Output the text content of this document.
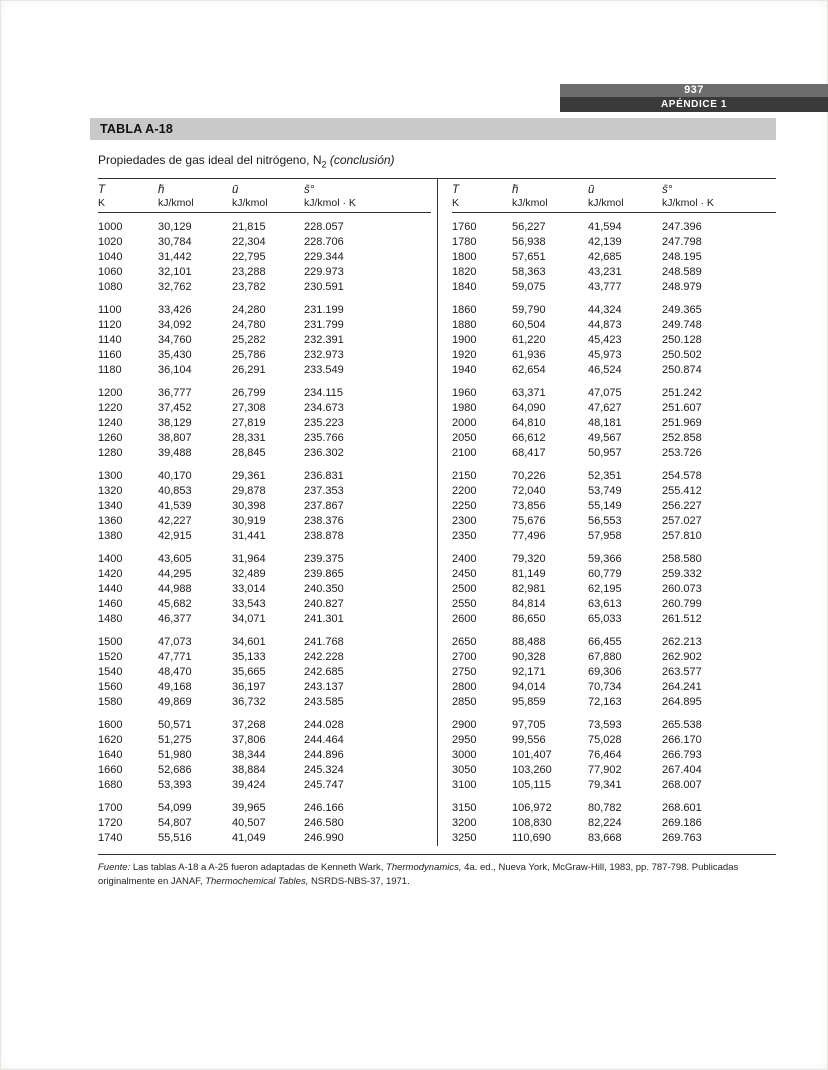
937
APÉNDICE 1
TABLA A-18
Propiedades de gas ideal del nitrógeno, $N_2$ (conclusión)
T	h̄	ū	s̄°
K	kJ/kmol	kJ/kmol	kJ/kmol · K
1000	30,129	21,815	228.057
1020	30,784	22,304	228.706
1040	31,442	22,795	229.344
1060	32,101	23,288	229.973
1080	32,762	23,782	230.591
1100	33,426	24,280	231.199
1120	34,092	24,780	231.799
1140	34,760	25,282	232.391
1160	35,430	25,786	232.973
1180	36,104	26,291	233.549
1200	36,777	26,799	234.115
1220	37,452	27,308	234.673
1240	38,129	27,819	235.223
1260	38,807	28,331	235.766
1280	39,488	28,845	236.302
1300	40,170	29,361	236.831
1320	40,853	29,878	237.353
1340	41,539	30,398	237.867
1360	42,227	30,919	238.376
1380	42,915	31,441	238.878
1400	43,605	31,964	239.375
1420	44,295	32,489	239.865
1440	44,988	33,014	240.350
1460	45,682	33,543	240.827
1480	46,377	34,071	241.301
1500	47,073	34,601	241.768
1520	47,771	35,133	242.228
1540	48,470	35,665	242.685
1560	49,168	36,197	243.137
1580	49,869	36,732	243.585
1600	50,571	37,268	244.028
1620	51,275	37,806	244.464
1640	51,980	38,344	244.896
1660	52,686	38,884	245.324
1680	53,393	39,424	245.747
1700	54,099	39,965	246.166
1720	54,807	40,507	246.580
1740	55,516	41,049	246.990
T	h̄	ū	s̄°
K	kJ/kmol	kJ/kmol	kJ/kmol · K
1760	56,227	41,594	247.396
1780	56,938	42,139	247.798
1800	57,651	42,685	248.195
1820	58,363	43,231	248.589
1840	59,075	43,777	248.979
1860	59,790	44,324	249.365
1880	60,504	44,873	249.748
1900	61,220	45,423	250.128
1920	61,936	45,973	250.502
1940	62,654	46,524	250.874
1960	63,371	47,075	251.242
1980	64,090	47,627	251.607
2000	64,810	48,181	251.969
2050	66,612	49,567	252.858
2100	68,417	50,957	253.726
2150	70,226	52,351	254.578
2200	72,040	53,749	255.412
2250	73,856	55,149	256.227
2300	75,676	56,553	257.027
2350	77,496	57,958	257.810
2400	79,320	59,366	258.580
2450	81,149	60,779	259.332
2500	82,981	62,195	260.073
2550	84,814	63,613	260.799
2600	86,650	65,033	261.512
2650	88,488	66,455	262.213
2700	90,328	67,880	262.902
2750	92,171	69,306	263.577
2800	94,014	70,734	264.241
2850	95,859	72,163	264.895
2900	97,705	73,593	265.538
2950	99,556	75,028	266.170
3000	101,407	76,464	266.793
3050	103,260	77,902	267.404
3100	105,115	79,341	268.007
3150	106,972	80,782	268.601
3200	108,830	82,224	269.186
3250	110,690	83,668	269.763
Fuente: Las tablas A-18 a A-25 fueron adaptadas de Kenneth Wark, Thermodynamics, 4a. ed., Nueva York, McGraw-Hill, 1983, pp. 787-798. Publicadas originalmente en JANAF, Thermochemical Tables, NSRDS-NBS-37, 1971.
